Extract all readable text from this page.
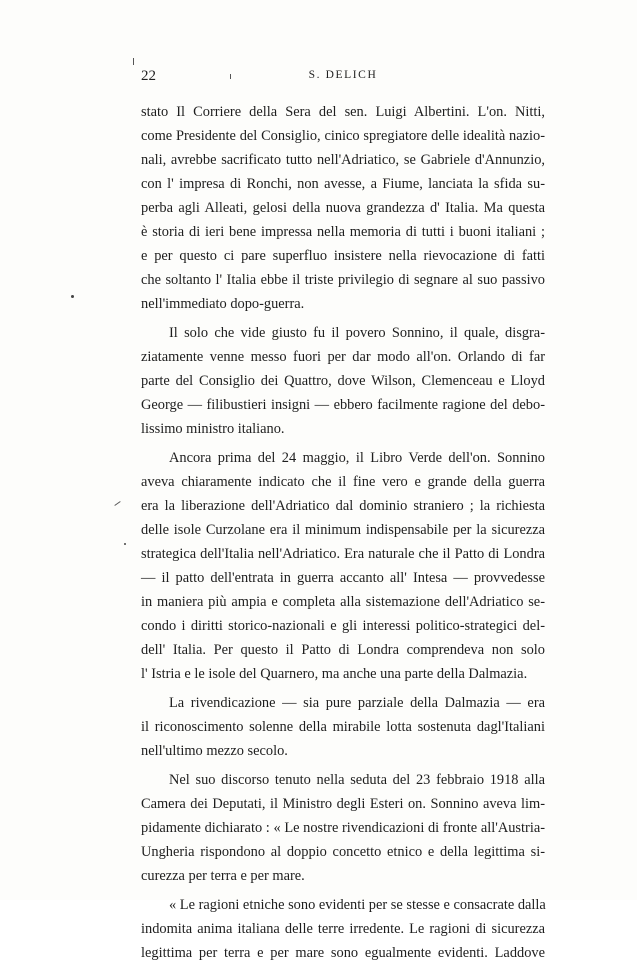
22	S. DELICH
stato Il Corriere della Sera del sen. Luigi Albertini. L'on. Nitti,
come Presidente del Consiglio, cinico spregiatore delle idealità nazio-
nali, avrebbe sacrificato tutto nell'Adriatico, se Gabriele d'Annunzio,
con l' impresa di Ronchi, non avesse, a Fiume, lanciata la sfida su-
perba agli Alleati, gelosi della nuova grandezza d' Italia. Ma questa
è storia di ieri bene impressa nella memoria di tutti i buoni italiani ;
e per questo ci pare superfluo insistere nella rievocazione di fatti
che soltanto l' Italia ebbe il triste privilegio di segnare al suo passivo
nell'immediato dopo-guerra.
Il solo che vide giusto fu il povero Sonnino, il quale, disgra-
ziatamente venne messo fuori per dar modo all'on. Orlando di far
parte del Consiglio dei Quattro, dove Wilson, Clemenceau e Lloyd
George — filibustieri insigni — ebbero facilmente ragione del debo-
lissimo ministro italiano.
Ancora prima del 24 maggio, il Libro Verde dell'on. Sonnino
aveva chiaramente indicato che il fine vero e grande della guerra
era la liberazione dell'Adriatico dal dominio straniero ; la richiesta
delle isole Curzolane era il minimum indispensabile per la sicurezza
strategica dell'Italia nell'Adriatico. Era naturale che il Patto di Londra
— il patto dell'entrata in guerra accanto all' Intesa — provvedesse
in maniera più ampia e completa alla sistemazione dell'Adriatico se-
condo i diritti storico-nazionali e gli interessi politico-strategici del-
dell' Italia. Per questo il Patto di Londra comprendeva non solo
l' Istria e le isole del Quarnero, ma anche una parte della Dalmazia.
La rivendicazione — sia pure parziale della Dalmazia — era
il riconoscimento solenne della mirabile lotta sostenuta dagl'Italiani
nell'ultimo mezzo secolo.
Nel suo discorso tenuto nella seduta del 23 febbraio 1918 alla
Camera dei Deputati, il Ministro degli Esteri on. Sonnino aveva lim-
pidamente dichiarato : « Le nostre rivendicazioni di fronte all'Austria-
Ungheria rispondono al doppio concetto etnico e della legittima si-
curezza per terra e per mare.
« Le ragioni etniche sono evidenti per se stesse e consacrate dalla
indomita anima italiana delle terre irredente. Le ragioni di sicurezza
legittima per terra e per mare sono egualmente evidenti. Laddove
